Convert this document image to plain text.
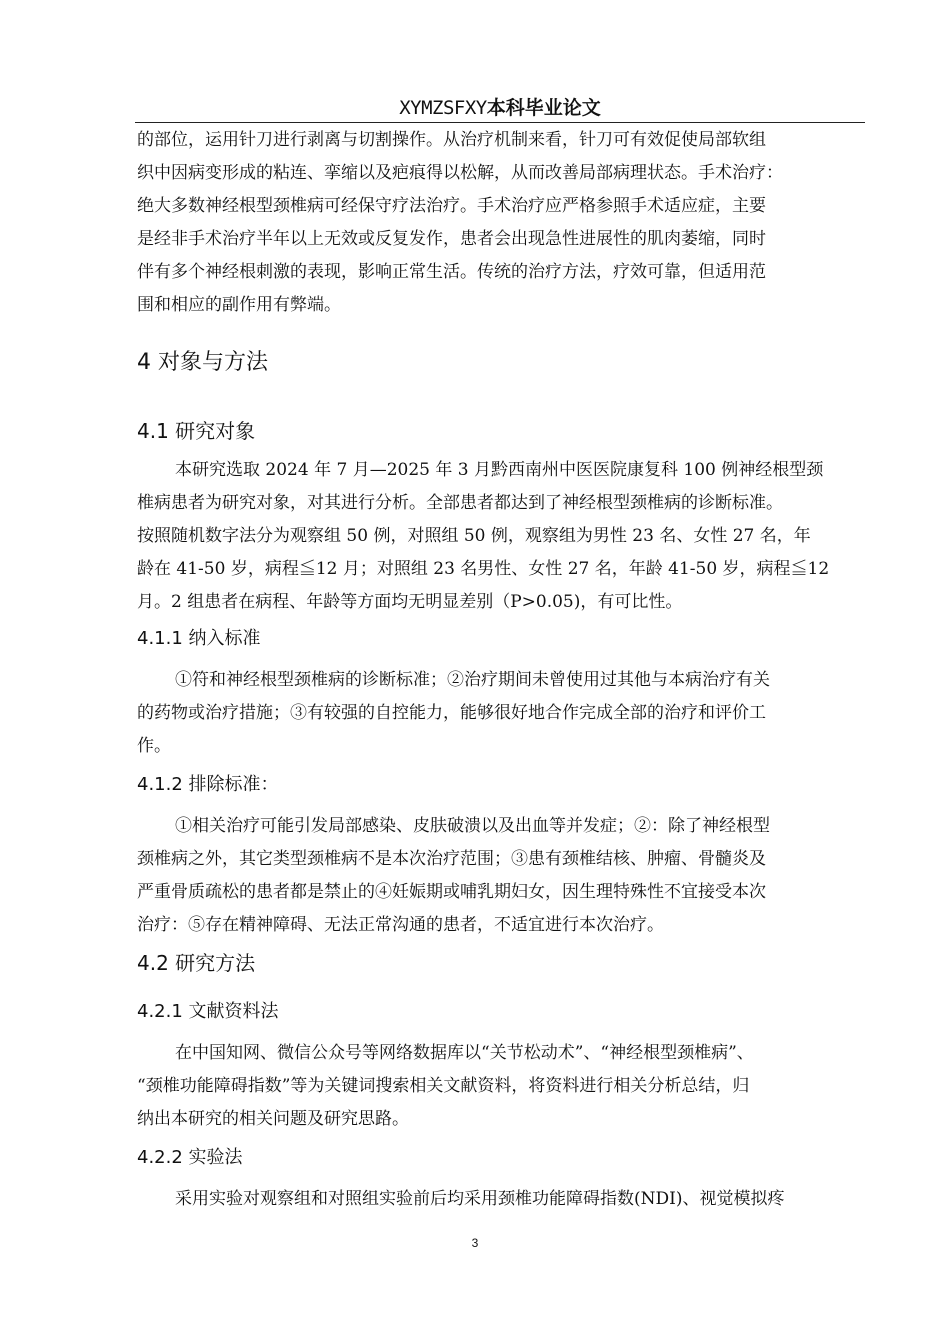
XYMZSFXY本科毕业论文
的部位，运用针刀进行剥离与切割操作。从治疗机制来看，针刀可有效促使局部软组
织中因病变形成的粘连、挛缩以及疤痕得以松解，从而改善局部病理状态。手术治疗：
绝大多数神经根型颈椎病可经保守疗法治疗。手术治疗应严格参照手术适应症，主要
是经非手术治疗半年以上无效或反复发作，患者会出现急性进展性的肌肉萎缩，同时
伴有多个神经根刺激的表现，影响正常生活。传统的治疗方法，疗效可靠，但适用范
围和相应的副作用有弊端。
4 对象与方法
4.1 研究对象
本研究选取 2024 年 7 月—2025 年 3 月黔西南州中医医院康复科 100 例神经根型颈
椎病患者为研究对象，对其进行分析。全部患者都达到了神经根型颈椎病的诊断标准。
按照随机数字法分为观察组 50 例，对照组 50 例，观察组为男性 23 名、女性 27 名，年
龄在 41-50 岁，病程≦12 月；对照组 23 名男性、女性 27 名，年龄 41-50 岁，病程≦12
月。2 组患者在病程、年龄等方面均无明显差别（P>0.05)，有可比性。
4.1.1 纳入标准
①符和神经根型颈椎病的诊断标准；②治疗期间未曾使用过其他与本病治疗有关
的药物或治疗措施；③有较强的自控能力，能够很好地合作完成全部的治疗和评价工
作。
4.1.2 排除标准：
①相关治疗可能引发局部感染、皮肤破溃以及出血等并发症；②：除了神经根型
颈椎病之外，其它类型颈椎病不是本次治疗范围；③患有颈椎结核、肿瘤、骨髓炎及
严重骨质疏松的患者都是禁止的④妊娠期或哺乳期妇女，因生理特殊性不宜接受本次
治疗：⑤存在精神障碍、无法正常沟通的患者，不适宜进行本次治疗。
4.2 研究方法
4.2.1 文献资料法
在中国知网、微信公众号等网络数据库以“关节松动术”、“神经根型颈椎病”、
“颈椎功能障碍指数”等为关键词搜索相关文献资料，将资料进行相关分析总结，归
纳出本研究的相关问题及研究思路。
4.2.2 实验法
采用实验对观察组和对照组实验前后均采用颈椎功能障碍指数(NDI)、视觉模拟疼
3
